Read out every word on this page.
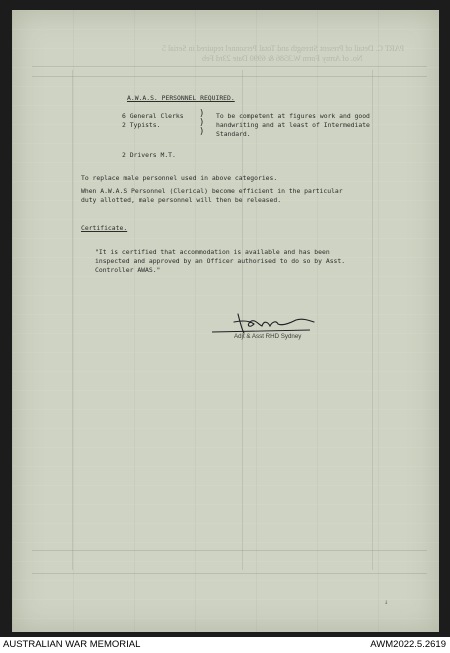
PART C. Detail of Present Strength and Total Personnel required in Serial 5
No. of Army Form W.3586 & 6990 Date 23rd Feb
A.W.A.S. PERSONNEL REQUIRED.
6 General Clerks
2 Typists.
)
)
)
To be competent at figures work and good
handwriting and at least of Intermediate
Standard.
2 Drivers M.T.
To replace male personnel used in above categories.
When A.W.A.S Personnel (Clerical) become efficient in the particular
duty allotted, male personnel will then be released.
Certificate.
"It is certified that accommodation is available and has been
inspected and approved by an Officer authorised to do so by Asst.
Controller AWAS."
Adjt & Asst RHD Sydney
↓
AUSTRALIAN WAR MEMORIAL	AWM2022.5.2619
